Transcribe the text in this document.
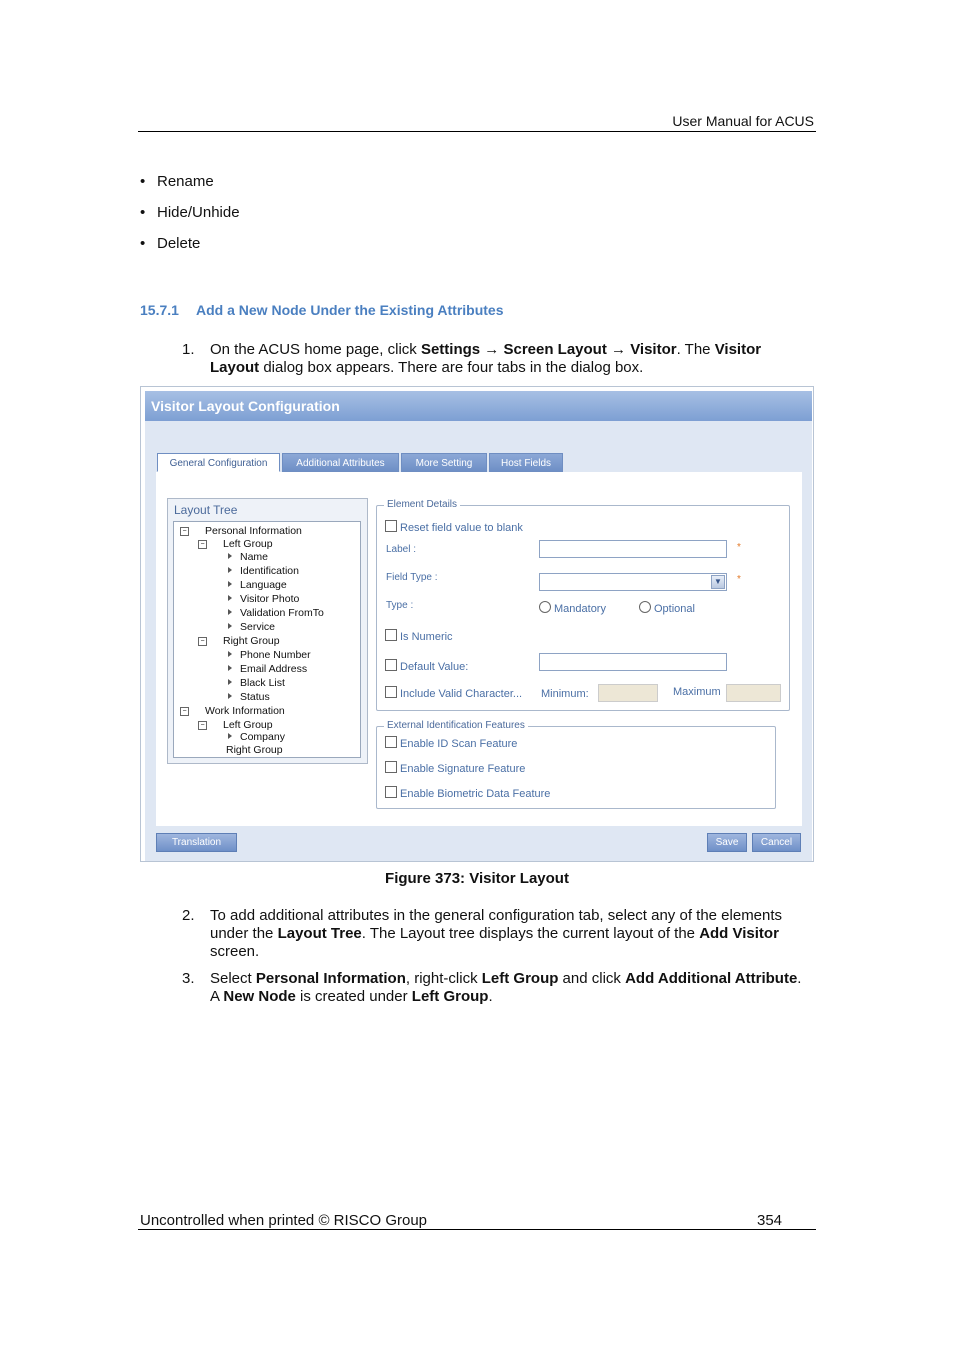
User Manual for ACUS
• Rename
• Hide/Unhide
• Delete
15.7.1 Add a New Node Under the Existing Attributes
1. On the ACUS home page, click Settings → Screen Layout → Visitor. The Visitor Layout dialog box appears. There are four tabs in the dialog box.
Visitor Layout Configuration
General Configuration	Additional Attributes	More Setting	Host Fields
Layout Tree
− Personal Information
− Left Group
Name
Identification
Language
Visitor Photo
Validation FromTo
Service
− Right Group
Phone Number
Email Address
Black List
Status
− Work Information
− Left Group
Company
Right Group
Element Details
Reset field value to blank
Label :	*
Field Type :	▼	*
Type :	Mandatory	Optional
Is Numeric
Default Value:
Include Valid Character... Minimum:	Maximum
External Identification Features
Enable ID Scan Feature
Enable Signature Feature
Enable Biometric Data Feature
Translation	Save	Cancel
Figure 373: Visitor Layout
2. To add additional attributes in the general configuration tab, select any of the elements under the Layout Tree. The Layout tree displays the current layout of the Add Visitor screen.
3. Select Personal Information, right-click Left Group and click Add Additional Attribute. A New Node is created under Left Group.
Uncontrolled when printed © RISCO Group	354
